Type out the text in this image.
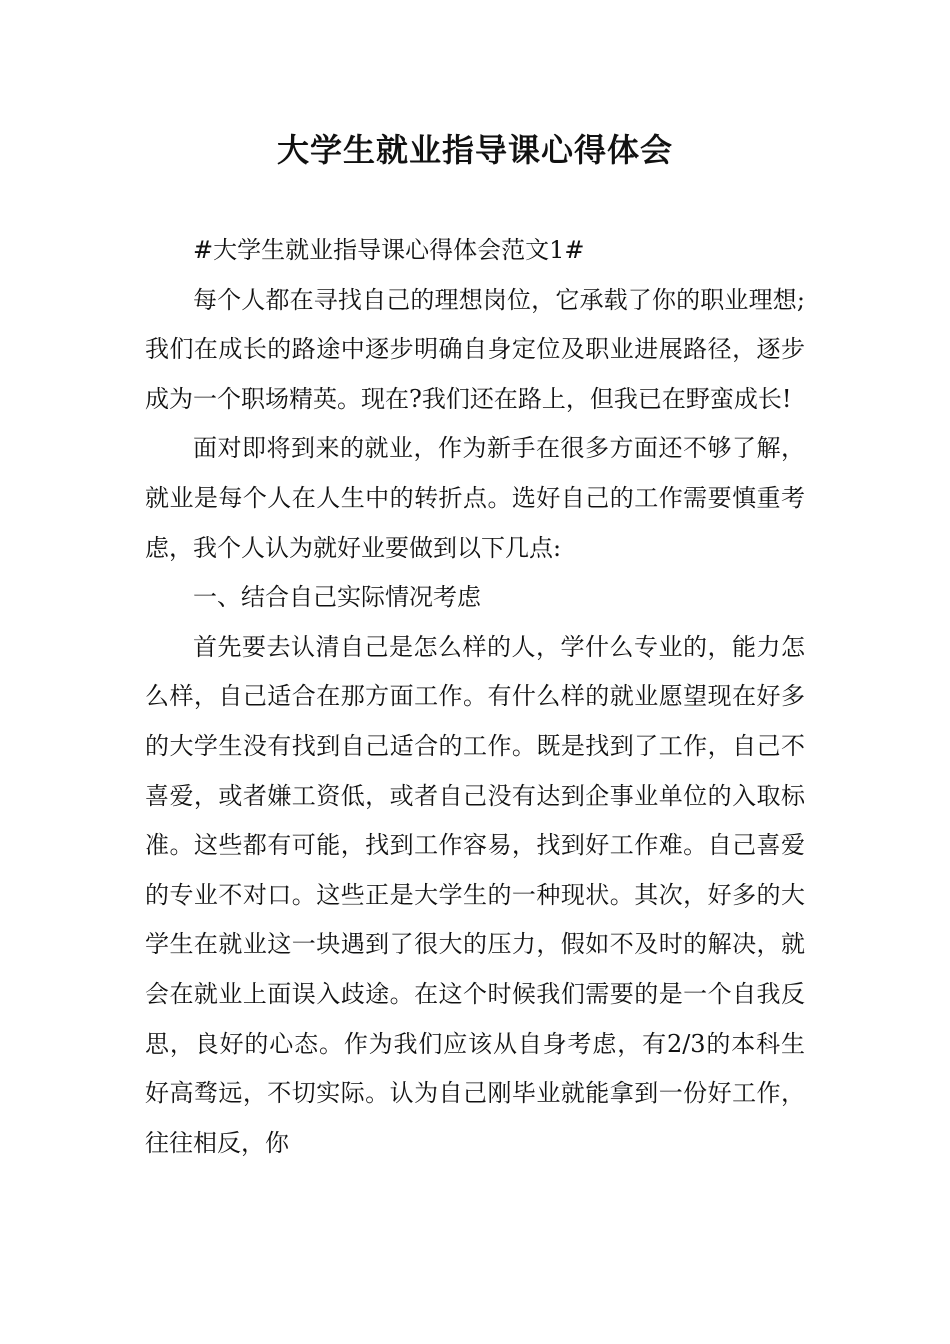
大学生就业指导课心得体会

#大学生就业指导课心得体会范文1#

每个人都在寻找自己的理想岗位，它承载了你的职业理想;我们在成长的路途中逐步明确自身定位及职业进展路径，逐步成为一个职场精英。现在?我们还在路上，但我已在野蛮成长!

面对即将到来的就业，作为新手在很多方面还不够了解，就业是每个人在人生中的转折点。选好自己的工作需要慎重考虑，我个人认为就好业要做到以下几点:

一、结合自己实际情况考虑

首先要去认清自己是怎么样的人，学什么专业的，能力怎么样，自己适合在那方面工作。有什么样的就业愿望现在好多的大学生没有找到自己适合的工作。既是找到了工作，自己不喜爱，或者嫌工资低，或者自己没有达到企事业单位的入取标准。这些都有可能，找到工作容易，找到好工作难。自己喜爱的专业不对口。这些正是大学生的一种现状。其次，好多的大学生在就业这一块遇到了很大的压力，假如不及时的解决，就会在就业上面误入歧途。在这个时候我们需要的是一个自我反思，良好的心态。作为我们应该从自身考虑，有2/3的本科生好高骛远，不切实际。认为自己刚毕业就能拿到一份好工作，往往相反，你
